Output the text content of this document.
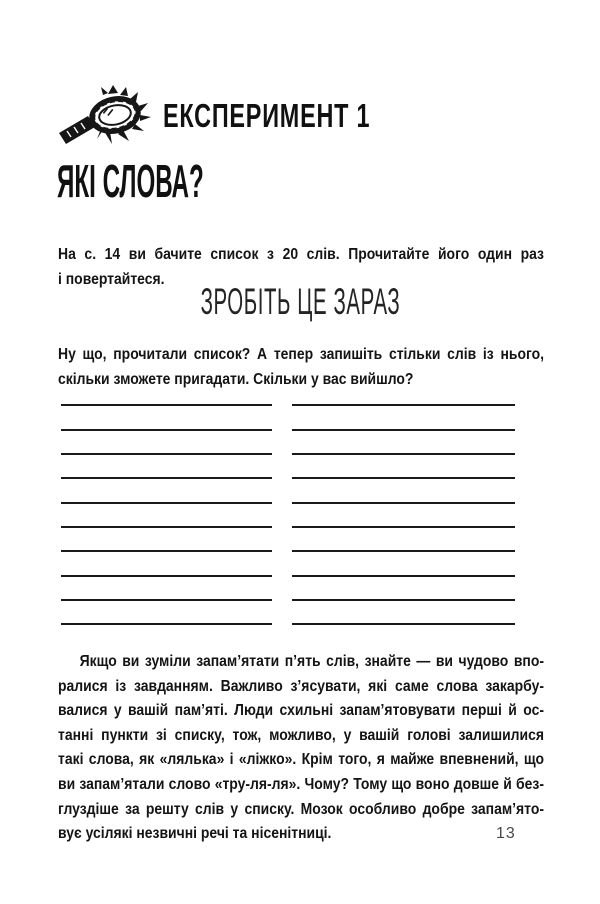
ЕКСПЕРИМЕНТ 1
ЯКІ СЛОВА?
На с. 14 ви бачите список з 20 слів. Прочитайте його один раз
і повертайтеся.
ЗРОБІТЬ ЦЕ ЗАРАЗ
Ну що, прочитали список? А тепер запишіть стільки слів із нього,
скільки зможете пригадати. Скільки у вас вийшло?
Якщо ви зуміли запам’ятати п’ять слів, знайте — ви чудово впо-
ралися із завданням. Важливо з’ясувати, які саме слова закарбу-
валися у вашій пам’яті. Люди схильні запам’ятовувати перші й ос-
танні пункти зі списку, тож, можливо, у вашій голові залишилися
такі слова, як «лялька» і «ліжко». Крім того, я майже впевнений, що
ви запам’ятали слово «тру-ля-ля». Чому? Тому що воно довше й без-
глуздіше за решту слів у списку. Мозок особливо добре запам’ято-
вує усілякі незвичні речі та нісенітниці.	13
